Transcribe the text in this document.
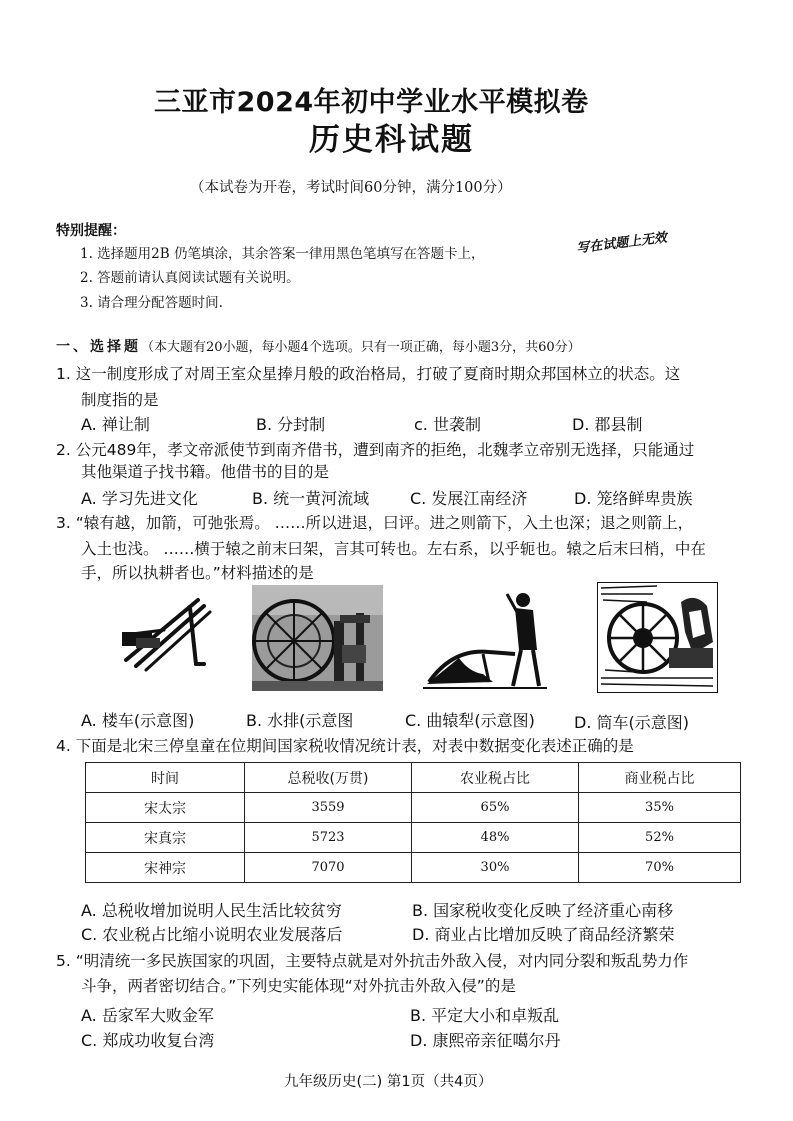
三亚市2024年初中学业水平模拟卷
历史科试题
（本试卷为开卷，考试时间60分钟，满分100分）
特别提醒：
1. 选择题用2B 仍笔填涂，其余答案一律用黑色笔填写在答题卡上，
2. 答题前请认真阅读试题有关说明。
3. 请合理分配答题时间.
写在试题上无效
一、选择题（本大题有20小题，每小题4个选项。只有一项正确，每小题3分，共60分）
1. 这一制度形成了对周王室众星捧月般的政治格局，打破了夏商时期众邦国林立的状态。这
制度指的是
A. 禅让制	B. 分封制	c. 世袭制	D. 郡县制
2. 公元489年，孝文帝派使节到南齐借书，遭到南齐的拒绝，北魏孝立帝别无选择，只能通过
其他渠道子找书籍。他借书的目的是
A. 学习先进文化	B. 统一黄河流域	C. 发展江南经济	D. 笼络鲜卑贵族
3. “辕有越，加箭，可弛张焉。 ……所以进退，曰评。进之则箭下，入土也深；退之则箭上，
入土也浅。 ……横于辕之前末曰架，言其可转也。左右系，以乎轭也。辕之后末曰梢，中在
手，所以执耕者也。”材料描述的是
A. 楼车(示意图)	B. 水排(示意图	C. 曲辕犁(示意图) D. 筒车(示意图)
4. 下面是北宋三停皇童在位期间国家税收情况统计表，对表中数据变化表述正确的是
时间	总税收(万贯)	农业税占比	商业税占比
宋太宗	3559	65%	35%
宋真宗	5723	48%	52%
宋神宗	7070	30%	70%
A. 总税收增加说明人民生活比较贫穷	B. 国家税收变化反映了经济重心南移
C. 农业税占比缩小说明农业发展落后	D. 商业占比增加反映了商品经济繁荣
5. “明清统一多民族国家的巩固，主要特点就是对外抗击外敌入侵，对内同分裂和叛乱势力作
斗争，两者密切结合。”下列史实能体现“对外抗击外敌入侵”的是
A. 岳家军大败金军	B. 平定大小和卓叛乱
C. 郑成功收复台湾	D. 康熙帝亲征噶尔丹
九年级历史(二) 第1页（共4页）
